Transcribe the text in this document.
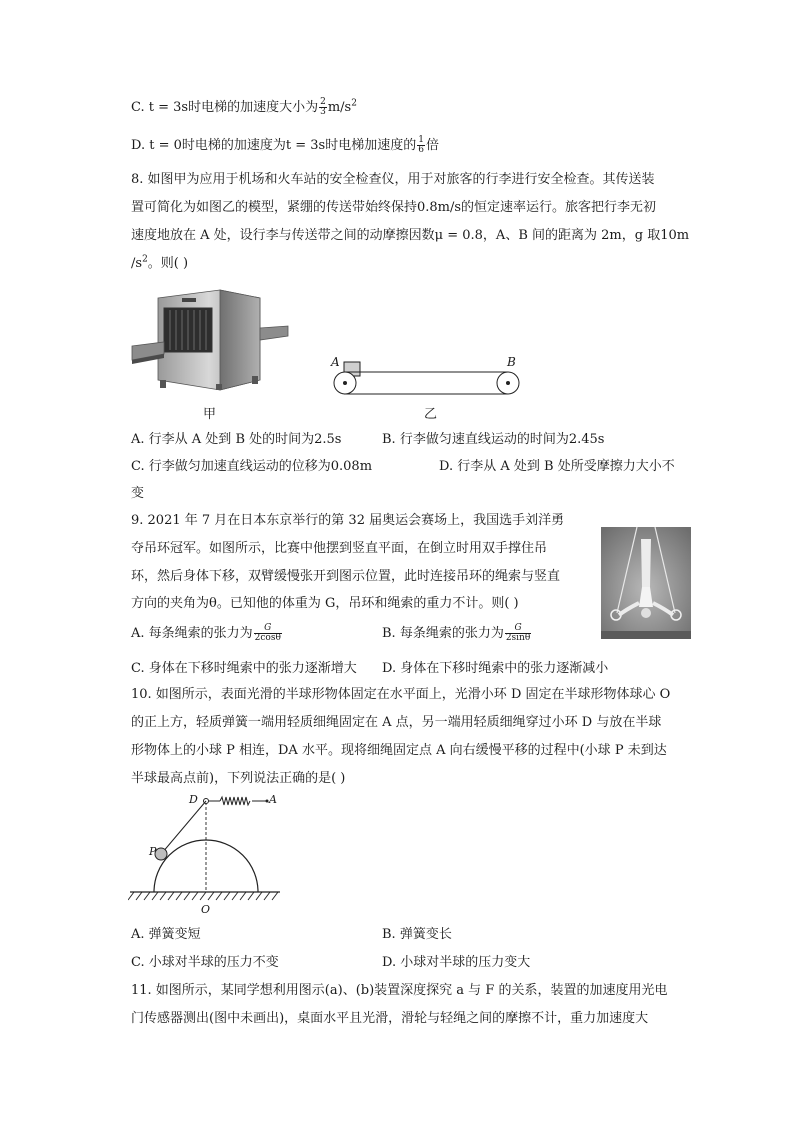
C. t = 3s时电梯的加速度大小为 $\frac{2}{3} m/s^2$
D. t = 0时电梯的加速度为t = 3s时电梯加速度的 $\frac{1}{6}$ 倍
8. 如图甲为应用于机场和火车站的安全检查仪，用于对旅客的行李进行安全检查。其传送装
置可简化为如图乙的模型，紧绷的传送带始终保持0.8m/s的恒定速率运行。旅客把行李无初
速度地放在 A 处，设行李与传送带之间的动摩擦因数μ = 0.8，A、B 间的距离为 2m，g 取10m
$/s^2$。则( )
甲
A	B
乙
A. 行李从 A 处到 B 处的时间为2.5s	B. 行李做匀速直线运动的时间为2.45s
C. 行李做匀加速直线运动的位移为0.08m	D. 行李从 A 处到 B 处所受摩擦力大小不
变
9. 2021 年 7 月在日本东京举行的第 32 届奥运会赛场上，我国选手刘洋勇
夺吊环冠军。如图所示，比赛中他摆到竖直平面，在倒立时用双手撑住吊
环，然后身体下移，双臂缓慢张开到图示位置，此时连接吊环的绳索与竖直
方向的夹角为θ。已知他的体重为 G，吊环和绳索的重力不计。则( )
A. 每条绳索的张力为 $\frac{G}{2\cos\theta}$	B. 每条绳索的张力为 $\frac{G}{2\sin\theta}$
C. 身体在下移时绳索中的张力逐渐增大 D. 身体在下移时绳索中的张力逐渐减小
10. 如图所示，表面光滑的半球形物体固定在水平面上，光滑小环 D 固定在半球形物体球心 O
的正上方，轻质弹簧一端用轻质细绳固定在 A 点，另一端用轻质细绳穿过小环 D 与放在半球
形物体上的小球 P 相连，DA 水平。现将细绳固定点 A 向右缓慢平移的过程中(小球 P 未到达
半球最高点前)，下列说法正确的是( )
D	A
P
O
A. 弹簧变短	B. 弹簧变长
C. 小球对半球的压力不变	D. 小球对半球的压力变大
11. 如图所示，某同学想利用图示(a)、(b)装置深度探究 a 与 F 的关系，装置的加速度用光电
门传感器测出(图中未画出)，桌面水平且光滑，滑轮与轻绳之间的摩擦不计，重力加速度大
